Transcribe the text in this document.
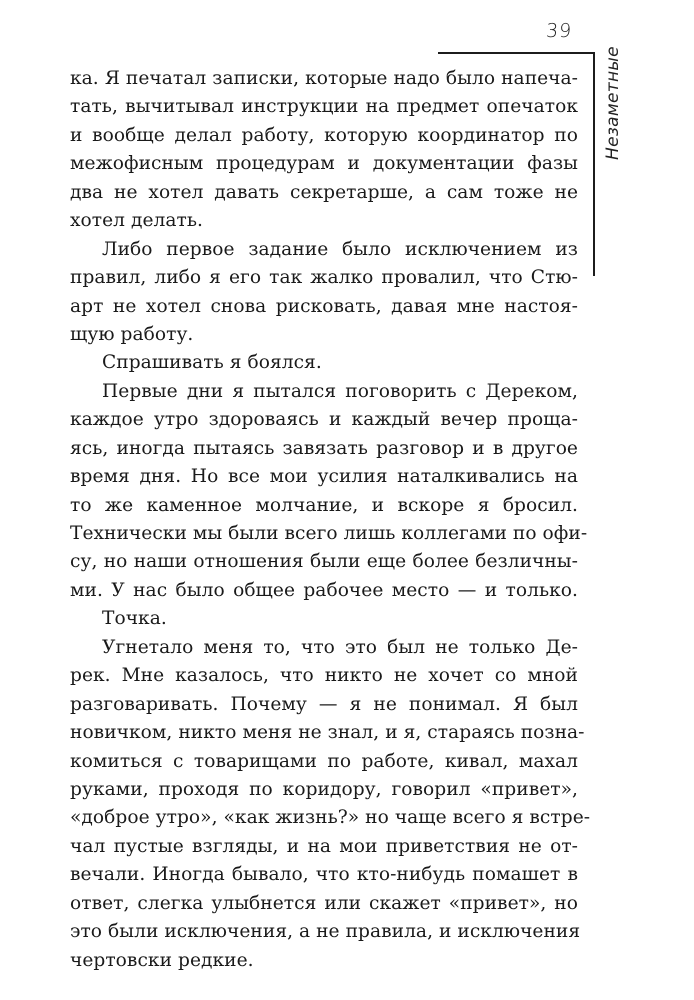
39
Незаметные
ка. Я печатал записки, которые надо было напеча-
тать, вычитывал инструкции на предмет опечаток
и вообще делал работу, которую координатор по
межофисным процедурам и документации фазы
два не хотел давать секретарше, а сам тоже не
хотел делать.
Либо первое задание было исключением из
правил, либо я его так жалко провалил, что Стю-
арт не хотел снова рисковать, давая мне настоя-
щую работу.
Спрашивать я боялся.
Первые дни я пытался поговорить с Дереком,
каждое утро здороваясь и каждый вечер проща-
ясь, иногда пытаясь завязать разговор и в другое
время дня. Но все мои усилия наталкивались на
то же каменное молчание, и вскоре я бросил.
Технически мы были всего лишь коллегами по офи-
су, но наши отношения были еще более безличны-
ми. У нас было общее рабочее место — и только.
Точка.
Угнетало меня то, что это был не только Де-
рек. Мне казалось, что никто не хочет со мной
разговаривать. Почему — я не понимал. Я был
новичком, никто меня не знал, и я, стараясь позна-
комиться с товарищами по работе, кивал, махал
руками, проходя по коридору, говорил «привет»,
«доброе утро», «как жизнь?» но чаще всего я встре-
чал пустые взгляды, и на мои приветствия не от-
вечали. Иногда бывало, что кто-нибудь помашет в
ответ, слегка улыбнется или скажет «привет», но
это были исключения, а не правила, и исключения
чертовски редкие.
